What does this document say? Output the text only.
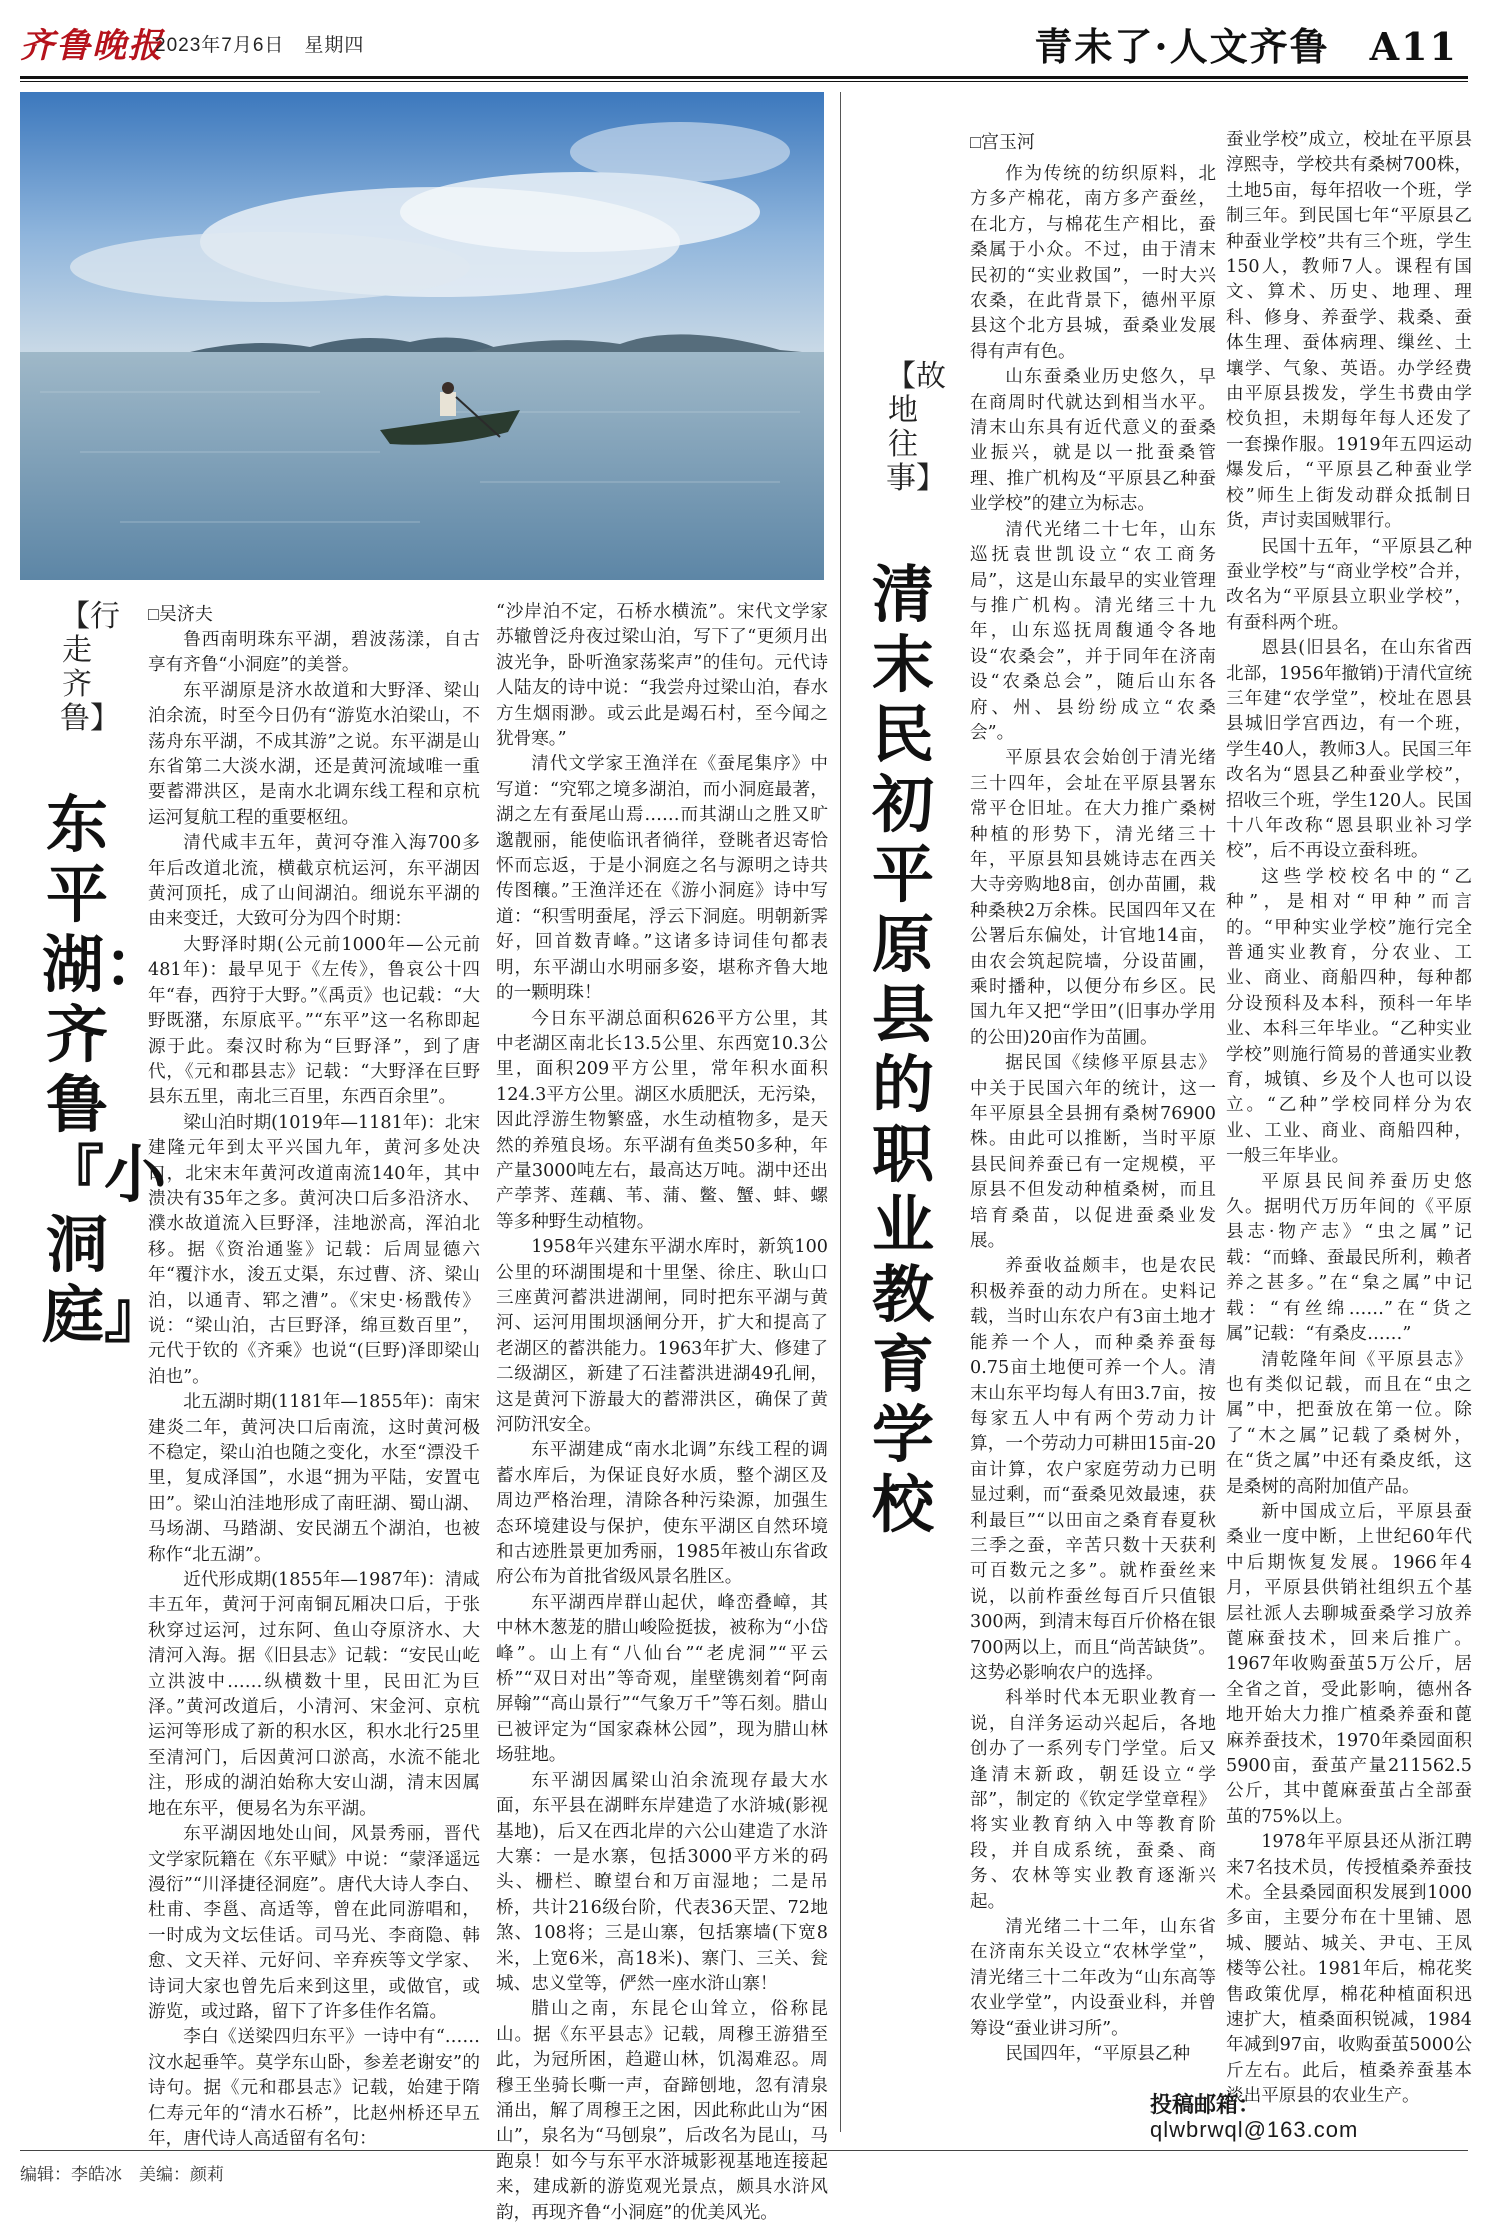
齐鲁晚报
2023年7月6日　星期四	青未了·人文齐鲁　A11
【行走齐鲁】
东平湖：齐鲁『小洞庭』
□吴济夫

鲁西南明珠东平湖，碧波荡漾，自古享有齐鲁“小洞庭”的美誉。

东平湖原是济水故道和大野泽、梁山泊余流，时至今日仍有“游览水泊梁山，不荡舟东平湖，不成其游”之说。东平湖是山东省第二大淡水湖，还是黄河流域唯一重要蓄滞洪区，是南水北调东线工程和京杭运河复航工程的重要枢纽。

清代咸丰五年，黄河夺淮入海700多年后改道北流，横截京杭运河，东平湖因黄河顶托，成了山间湖泊。细说东平湖的由来变迁，大致可分为四个时期：

大野泽时期(公元前1000年—公元前481年)：最早见于《左传》，鲁哀公十四年“春，西狩于大野。”《禹贡》也记载：“大野既潴，东原底平。”“东平”这一名称即起源于此。秦汉时称为“巨野泽”，到了唐代，《元和郡县志》记载：“大野泽在巨野县东五里，南北三百里，东西百余里”。

梁山泊时期(1019年—1181年)：北宋建隆元年到太平兴国九年，黄河多处决口，北宋末年黄河改道南流140年，其中溃决有35年之多。黄河决口后多沿济水、濮水故道流入巨野泽，洼地淤高，浑泊北移。据《资治通鉴》记载：后周显德六年“覆汴水，浚五丈渠，东过曹、济、梁山泊，以通青、郓之漕”。《宋史·杨戬传》说：“梁山泊，古巨野泽，绵亘数百里”，元代于钦的《齐乘》也说“(巨野)泽即梁山泊也”。

北五湖时期(1181年—1855年)：南宋建炎二年，黄河决口后南流，这时黄河极不稳定，梁山泊也随之变化，水至“漂没千里，复成泽国”，水退“拥为平陆，安置屯田”。梁山泊洼地形成了南旺湖、蜀山湖、马场湖、马踏湖、安民湖五个湖泊，也被称作“北五湖”。

近代形成期(1855年—1987年)：清咸丰五年，黄河于河南铜瓦厢决口后，于张秋穿过运河，过东阿、鱼山夺原济水、大清河入海。据《旧县志》记载：“安民山屹立洪波中……纵横数十里，民田汇为巨泽。”黄河改道后，小清河、宋金河、京杭运河等形成了新的积水区，积水北行25里至清河门，后因黄河口淤高，水流不能北注，形成的湖泊始称大安山湖，清末因属地在东平，便易名为东平湖。

东平湖因地处山间，风景秀丽，晋代文学家阮籍在《东平赋》中说：“蒙泽遥远漫衍”“川泽捷径洞庭”。唐代大诗人李白、杜甫、李邕、高适等，曾在此同游唱和，一时成为文坛佳话。司马光、李商隐、韩愈、文天祥、元好问、辛弃疾等文学家、诗词大家也曾先后来到这里，或做官，或游览，或过路，留下了许多佳作名篇。

李白《送梁四归东平》一诗中有“……汶水起垂竿。莫学东山卧，参差老谢安”的诗句。据《元和郡县志》记载，始建于隋仁寿元年的“清水石桥”，比赵州桥还早五年，唐代诗人高适留有名句：

“沙岸泊不定，石桥水横流”。宋代文学家苏辙曾泛舟夜过梁山泊，写下了“更须月出波光争，卧听渔家荡桨声”的佳句。元代诗人陆友的诗中说：“我尝舟过梁山泊，春水方生烟雨渺。或云此是竭石村，至今闻之犹骨寒。”

清代文学家王渔洋在《蚕尾集序》中写道：“究郓之境多湖泊，而小洞庭最著，湖之左有蚕尾山焉……而其湖山之胜又旷邈靓丽，能使临讯者徜徉，登眺者迟寄恰怀而忘返，于是小洞庭之名与源明之诗共传图穰。”王渔洋还在《游小洞庭》诗中写道：“积雪明蚕尾，浮云下洞庭。明朝新霁好，回首数青峰。”这诸多诗词佳句都表明，东平湖山水明丽多姿，堪称齐鲁大地的一颗明珠！

今日东平湖总面积626平方公里，其中老湖区南北长13.5公里、东西宽10.3公里，面积209平方公里，常年积水面积124.3平方公里。湖区水质肥沃，无污染，因此浮游生物繁盛，水生动植物多，是天然的养殖良场。东平湖有鱼类50多种，年产量3000吨左右，最高达万吨。湖中还出产荸荠、莲藕、苇、蒲、鳖、蟹、蚌、螺等多种野生动植物。

1958年兴建东平湖水库时，新筑100公里的环湖围堤和十里堡、徐庄、耿山口三座黄河蓄洪进湖闸，同时把东平湖与黄河、运河用围坝涵闸分开，扩大和提高了老湖区的蓄洪能力。1963年扩大、修建了二级湖区，新建了石洼蓄洪进湖49孔闸，这是黄河下游最大的蓄滞洪区，确保了黄河防汛安全。

东平湖建成“南水北调”东线工程的调蓄水库后，为保证良好水质，整个湖区及周边严格治理，清除各种污染源，加强生态环境建设与保护，使东平湖区自然环境和古迹胜景更加秀丽，1985年被山东省政府公布为首批省级风景名胜区。

东平湖西岸群山起伏，峰峦叠嶂，其中林木葱茏的腊山峻险挺拔，被称为“小岱峰”。山上有“八仙台”“老虎洞”“平云桥”“双日对出”等奇观，崖壁镌刻着“阿南屏翰”“高山景行”“气象万千”等石刻。腊山已被评定为“国家森林公园”，现为腊山林场驻地。

东平湖因属梁山泊余流现存最大水面，东平县在湖畔东岸建造了水浒城(影视基地)，后又在西北岸的六公山建造了水浒大寨：一是水寨，包括3000平方米的码头、栅栏、瞭望台和万亩湿地；二是吊桥，共计216级台阶，代表36天罡、72地煞、108将；三是山寨，包括寨墙(下宽8米，上宽6米，高18米)、寨门、三关、瓮城、忠义堂等，俨然一座水浒山寨！

腊山之南，东昆仑山耸立，俗称昆山。据《东平县志》记载，周穆王游猎至此，为冠所困，趋避山林，饥渴难忍。周穆王坐骑长嘶一声，奋蹄刨地，忽有清泉涌出，解了周穆王之困，因此称此山为“困山”，泉名为“马刨泉”，后改名为昆山，马跑泉！如今与东平水浒城影视基地连接起来，建成新的游览观光景点，颇具水浒风韵，再现齐鲁“小洞庭”的优美风光。

【故地往事】
清末民初平原县的职业教育学校
□宫玉河

作为传统的纺织原料，北方多产棉花，南方多产蚕丝，在北方，与棉花生产相比，蚕桑属于小众。不过，由于清末民初的“实业救国”，一时大兴农桑，在此背景下，德州平原县这个北方县城，蚕桑业发展得有声有色。

山东蚕桑业历史悠久，早在商周时代就达到相当水平。清末山东具有近代意义的蚕桑业振兴，就是以一批蚕桑管理、推广机构及“平原县乙种蚕业学校”的建立为标志。

清代光绪二十七年，山东巡抚袁世凯设立“农工商务局”，这是山东最早的实业管理与推广机构。清光绪三十九年，山东巡抚周馥通令各地设“农桑会”，并于同年在济南设“农桑总会”，随后山东各府、州、县纷纷成立“农桑会”。

平原县农会始创于清光绪三十四年，会址在平原县署东常平仓旧址。在大力推广桑树种植的形势下，清光绪三十年，平原县知县姚诗志在西关大寺旁购地8亩，创办苗圃，栽种桑秧2万余株。民国四年又在公署后东偏处，计官地14亩，由农会筑起院墙，分设苗圃，乘时播种，以便分布乡区。民国九年又把“学田”(旧事办学用的公田)20亩作为苗圃。

据民国《续修平原县志》中关于民国六年的统计，这一年平原县全县拥有桑树76900株。由此可以推断，当时平原县民间养蚕已有一定规模，平原县不但发动种植桑树，而且培育桑苗，以促进蚕桑业发展。

养蚕收益颇丰，也是农民积极养蚕的动力所在。史料记载，当时山东农户有3亩土地才能养一个人，而种桑养蚕每0.75亩土地便可养一个人。清末山东平均每人有田3.7亩，按每家五人中有两个劳动力计算，一个劳动力可耕田15亩-20亩计算，农户家庭劳动力已明显过剩，而“蚕桑见效最速，获利最巨”“以田亩之桑育春夏秋三季之蚕，辛苦只数十天获利可百数元之多”。就柞蚕丝来说，以前柞蚕丝每百斤只值银300两，到清末每百斤价格在银700两以上，而且“尚苦缺货”。这势必影响农户的选择。

科举时代本无职业教育一说，自洋务运动兴起后，各地创办了一系列专门学堂。后又逢清末新政，朝廷设立“学部”，制定的《钦定学堂章程》将实业教育纳入中等教育阶段，并自成系统，蚕桑、商务、农林等实业教育逐渐兴起。

清光绪二十二年，山东省在济南东关设立“农林学堂”，清光绪三十二年改为“山东高等农业学堂”，内设蚕业科，并曾筹设“蚕业讲习所”。

民国四年，“平原县乙种

蚕业学校”成立，校址在平原县淳熙寺，学校共有桑树700株，土地5亩，每年招收一个班，学制三年。到民国七年“平原县乙种蚕业学校”共有三个班，学生150人，教师7人。课程有国文、算术、历史、地理、理科、修身、养蚕学、栽桑、蚕体生理、蚕体病理、缫丝、土壤学、气象、英语。办学经费由平原县拨发，学生书费由学校负担，未期每年每人还发了一套操作服。1919年五四运动爆发后，“平原县乙种蚕业学校”师生上街发动群众抵制日货，声讨卖国贼罪行。

民国十五年，“平原县乙种蚕业学校”与“商业学校”合并，改名为“平原县立职业学校”，有蚕科两个班。

恩县(旧县名，在山东省西北部，1956年撤销)于清代宣统三年建“农学堂”，校址在恩县县城旧学宫西边，有一个班，学生40人，教师3人。民国三年改名为“恩县乙种蚕业学校”，招收三个班，学生120人。民国十八年改称“恩县职业补习学校”，后不再设立蚕科班。

这些学校校名中的“乙种”，是相对“甲种”而言的。“甲种实业学校”施行完全普通实业教育，分农业、工业、商业、商船四种，每种都分设预科及本科，预科一年毕业、本科三年毕业。“乙种实业学校”则施行简易的普通实业教育，城镇、乡及个人也可以设立。“乙种”学校同样分为农业、工业、商业、商船四种，一般三年毕业。

平原县民间养蚕历史悠久。据明代万历年间的《平原县志·物产志》“虫之属”记载：“而蜂、蚕最民所利，赖者养之甚多。”在“枲之属”中记载：“有丝绵……”在“货之属”记载：“有桑皮……”

清乾隆年间《平原县志》也有类似记载，而且在“虫之属”中，把蚕放在第一位。除了“木之属”记载了桑树外，在“货之属”中还有桑皮纸，这是桑树的高附加值产品。

新中国成立后，平原县蚕桑业一度中断，上世纪60年代中后期恢复发展。1966年4月，平原县供销社组织五个基层社派人去聊城蚕桑学习放养蓖麻蚕技术，回来后推广。1967年收购蚕茧5万公斤，居全省之首，受此影响，德州各地开始大力推广植桑养蚕和蓖麻养蚕技术，1970年桑园面积5900亩，蚕茧产量211562.5公斤，其中蓖麻蚕茧占全部蚕茧的75%以上。

1978年平原县还从浙江聘来7名技术员，传授植桑养蚕技术。全县桑园面积发展到1000多亩，主要分布在十里铺、恩城、腰站、城关、尹屯、王凤楼等公社。1981年后，棉花奖售政策优厚，棉花种植面积迅速扩大，植桑面积锐减，1984年减到97亩，收购蚕茧5000公斤左右。此后，植桑养蚕基本淡出平原县的农业生产。

投稿邮箱：
qlwbrwql@163.com
编辑：李皓冰　美编：颜莉
